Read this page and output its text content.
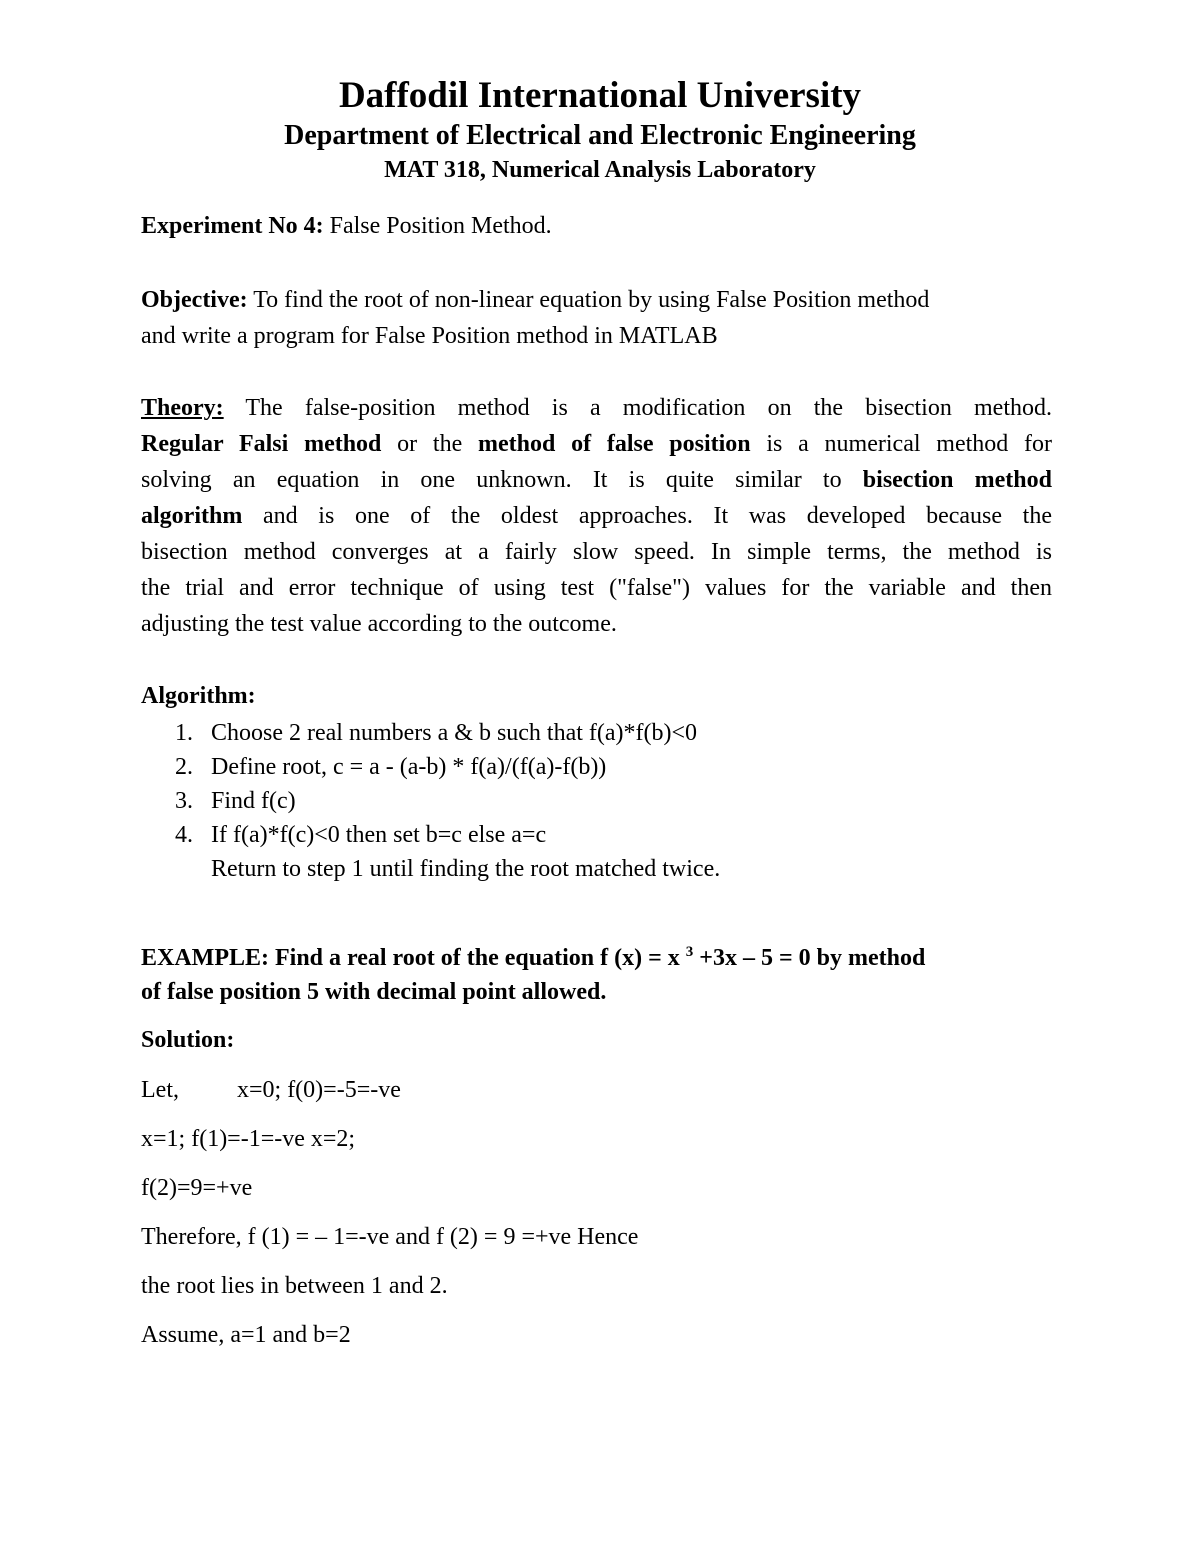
Daffodil International University
Department of Electrical and Electronic Engineering
MAT 318, Numerical Analysis Laboratory

Experiment No 4: False Position Method.

Objective: To find the root of non-linear equation by using False Position method

and write a program for False Position method in MATLAB

Theory: The false-position method is a modification on the bisection method.
Regular Falsi method or the method of false position is a numerical method for
solving an equation in one unknown. It is quite similar to bisection method
algorithm and is one of the oldest approaches. It was developed because the
bisection method converges at a fairly slow speed. In simple terms, the method is
the trial and error technique of using test ("false") values for the variable and then
adjusting the test value according to the outcome.

Algorithm:

1. Choose 2 real numbers a & b such that f(a)*f(b)<0
2. Define root, c = a - (a-b) * f(a)/(f(a)-f(b))
3. Find f(c)
4. If f(a)*f(c)<0 then set b=c else a=c
Return to step 1 until finding the root matched twice.

EXAMPLE: Find a real root of the equation f (x) = x $^3$ +3x – 5 = 0 by method

of false position 5 with decimal point allowed.

Solution:

Let, x=0; f(0)=-5=-ve

x=1; f(1)=-1=-ve x=2;

f(2)=9=+ve

Therefore, f (1) = – 1=-ve and f (2) = 9 =+ve Hence

the root lies in between 1 and 2.

Assume, a=1 and b=2
